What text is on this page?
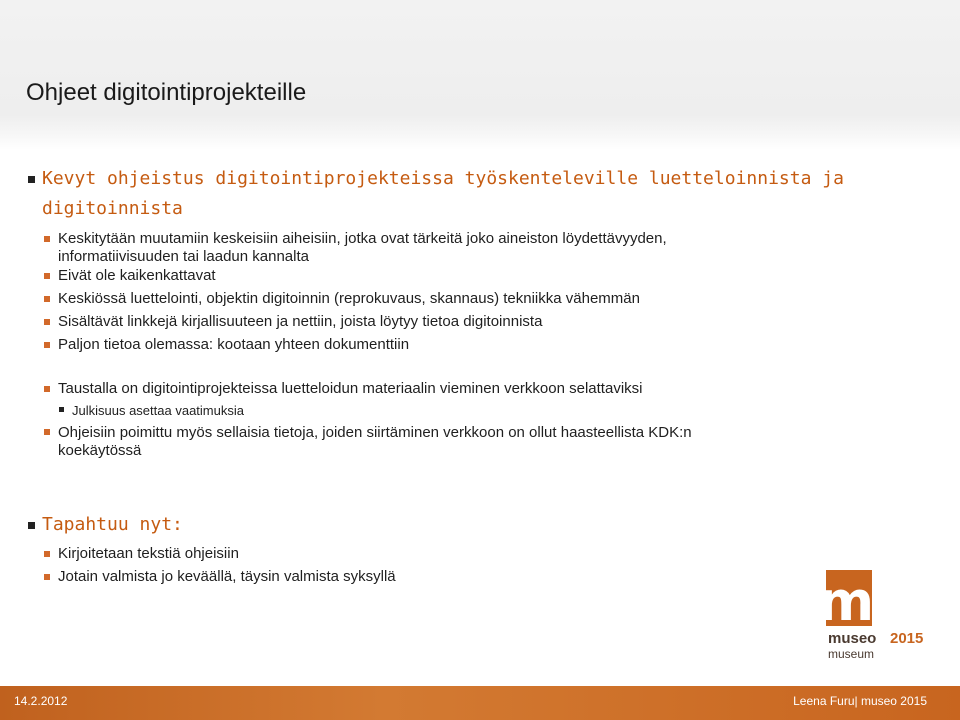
Ohjeet digitointiprojekteille
Kevyt ohjeistus digitointiprojekteissa työskenteleville luetteloinnista ja
digitoinnista
Keskitytään muutamiin keskeisiin aiheisiin, jotka ovat tärkeitä joko aineiston löydettävyyden,
informatiivisuuden tai laadun kannalta
Eivät ole kaikenkattavat
Keskiössä luettelointi, objektin digitoinnin (reprokuvaus, skannaus) tekniikka vähemmän
Sisältävät linkkejä kirjallisuuteen ja nettiin, joista löytyy tietoa digitoinnista
Paljon tietoa olemassa: kootaan yhteen dokumenttiin
Taustalla on digitointiprojekteissa luetteloidun materiaalin vieminen verkkoon selattaviksi
Julkisuus asettaa vaatimuksia
Ohjeisiin poimittu myös sellaisia tietoja, joiden siirtäminen verkkoon on ollut haasteellista KDK:n
koekäytössä
Tapahtuu nyt:
Kirjoitetaan tekstiä ohjeisiin
Jotain valmista jo keväällä, täysin valmista syksyllä	m
museo 2015
museum
14.2.2012	Leena Furu| museo 2015
